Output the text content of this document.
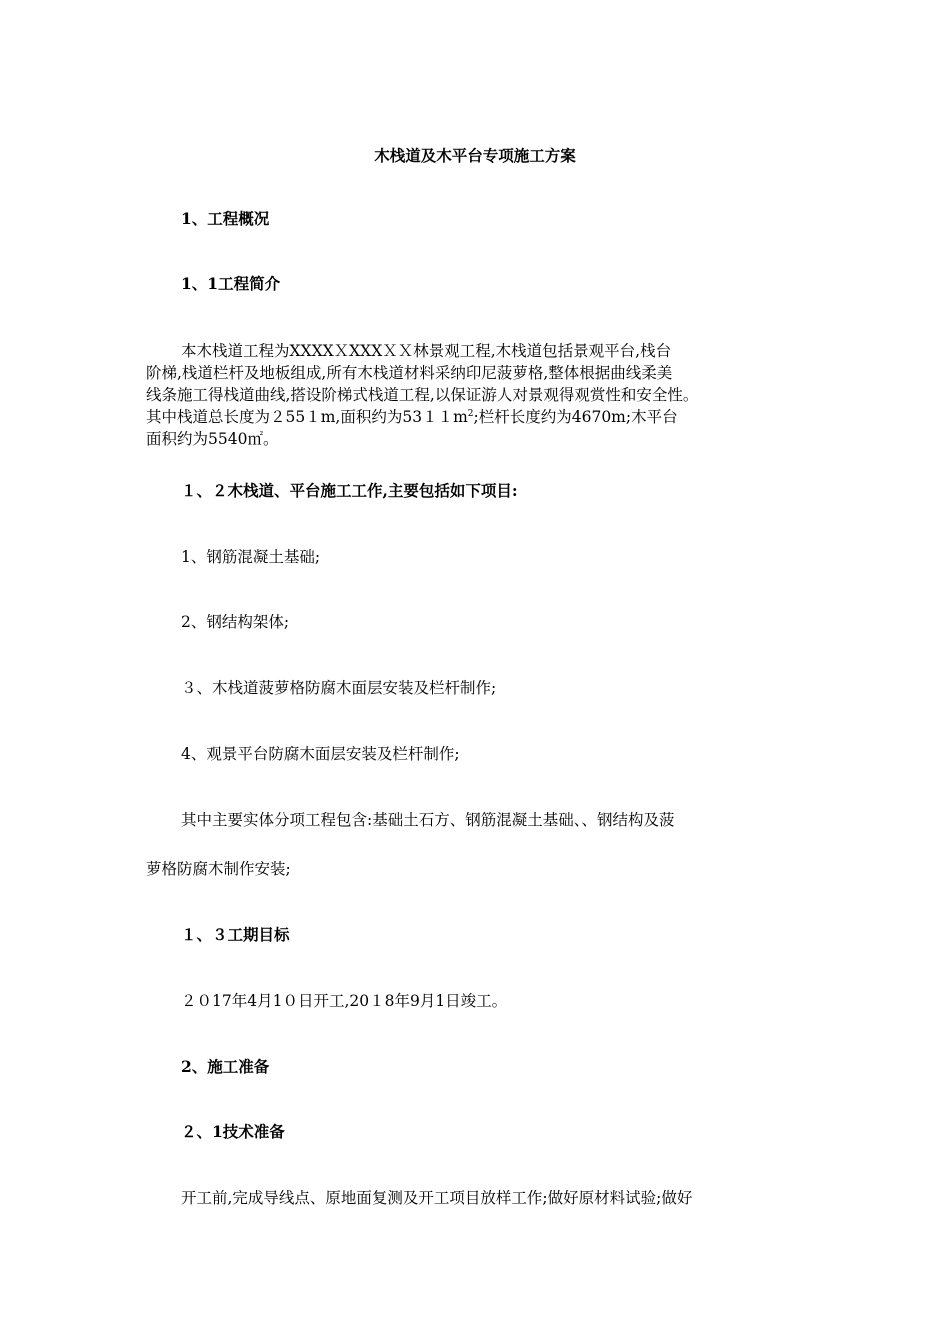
木栈道及木平台专项施工方案
1、工程概况
1、1工程简介
本木栈道工程为XXXXＸXXXＸＸ林景观工程,木栈道包括景观平台,栈台
阶梯,栈道栏杆及地板组成,所有木栈道材料采纳印尼菠萝格,整体根据曲线柔美
线条施工得栈道曲线,搭设阶梯式栈道工程,以保证游人对景观得观赏性和安全性。
其中栈道总长度为２55１m,面积约为$5311m^2$;栏杆长度约为4670m;木平台
面积约为5540㎡。
１、２木栈道、平台施工工作,主要包括如下项目:
1、钢筋混凝土基础;
2、钢结构架体;
３、木栈道菠萝格防腐木面层安装及栏杆制作;
4、观景平台防腐木面层安装及栏杆制作;
其中主要实体分项工程包含:基础土石方、钢筋混凝土基础、、钢结构及菠
萝格防腐木制作安装;
１、３工期目标
２０17年4月1０日开工,20１8年9月1日竣工。
2、施工准备
２、1技术准备
开工前,完成导线点、原地面复测及开工项目放样工作;做好原材料试验;做好
